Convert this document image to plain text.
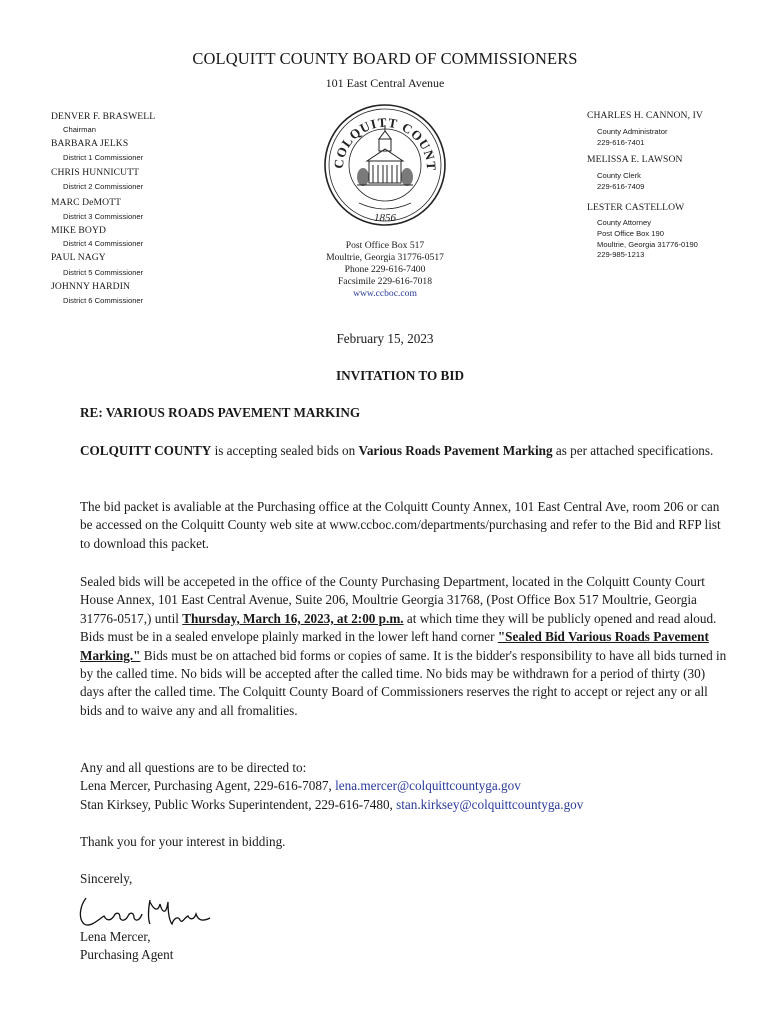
COLQUITT COUNTY BOARD OF COMMISSIONERS
101 East Central Avenue
DENVER F. BRASWELL
Chairman
BARBARA JELKS
District 1 Commissioner
CHRIS HUNNICUTT
District 2 Commissioner
MARC DeMOTT
District 3 Commissioner
MIKE BOYD
District 4 Commissioner
PAUL NAGY
District 5 Commissioner
JOHNNY HARDIN
District 6 Commissioner
CHARLES H. CANNON, IV
County Administrator
229-616-7401
MELISSA E. LAWSON
County Clerk
229-616-7409
LESTER CASTELLOW
County Attorney
Post Office Box 190
Moultrie, Georgia 31776-0190
229-985-1213
COLQUITT COUNT
1856
Post Office Box 517
Moultrie, Georgia 31776-0517
Phone 229-616-7400
Facsimile 229-616-7018
www.ccboc.com
February 15, 2023
INVITATION TO BID
RE: VARIOUS ROADS PAVEMENT MARKING

COLQUITT COUNTY is accepting sealed bids on Various Roads Pavement Marking as per attached specifications.

The bid packet is avaliable at the Purchasing office at the Colquitt County Annex, 101 East Central Ave, room 206 or can be accessed on the Colquitt County web site at www.ccboc.com/departments/purchasing and refer to the Bid and RFP list to download this packet.

Sealed bids will be accepeted in the office of the County Purchasing Department, located in the Colquitt County Court House Annex, 101 East Central Avenue, Suite 206, Moultrie Georgia 31768, (Post Office Box 517 Moultrie, Georgia 31776-0517,) until Thursday, March 16, 2023, at 2:00 p.m. at which time they will be publicly opened and read aloud. Bids must be in a sealed envelope plainly marked in the lower left hand corner "Sealed Bid Various Roads Pavement Marking." Bids must be on attached bid forms or copies of same. It is the bidder's responsibility to have all bids turned in by the called time. No bids will be accepted after the called time. No bids may be withdrawn for a period of thirty (30) days after the called time. The Colquitt County Board of Commissioners reserves the right to accept or reject any or all bids and to waive any and all fromalities.

Any and all questions are to be directed to:

Lena Mercer, Purchasing Agent, 229-616-7087, lena.mercer@colquittcountyga.gov

Stan Kirksey, Public Works Superintendent, 229-616-7480, stan.kirksey@colquittcountyga.gov

Thank you for your interest in bidding.
Sincerely,

Lena Mercer,

Purchasing Agent
